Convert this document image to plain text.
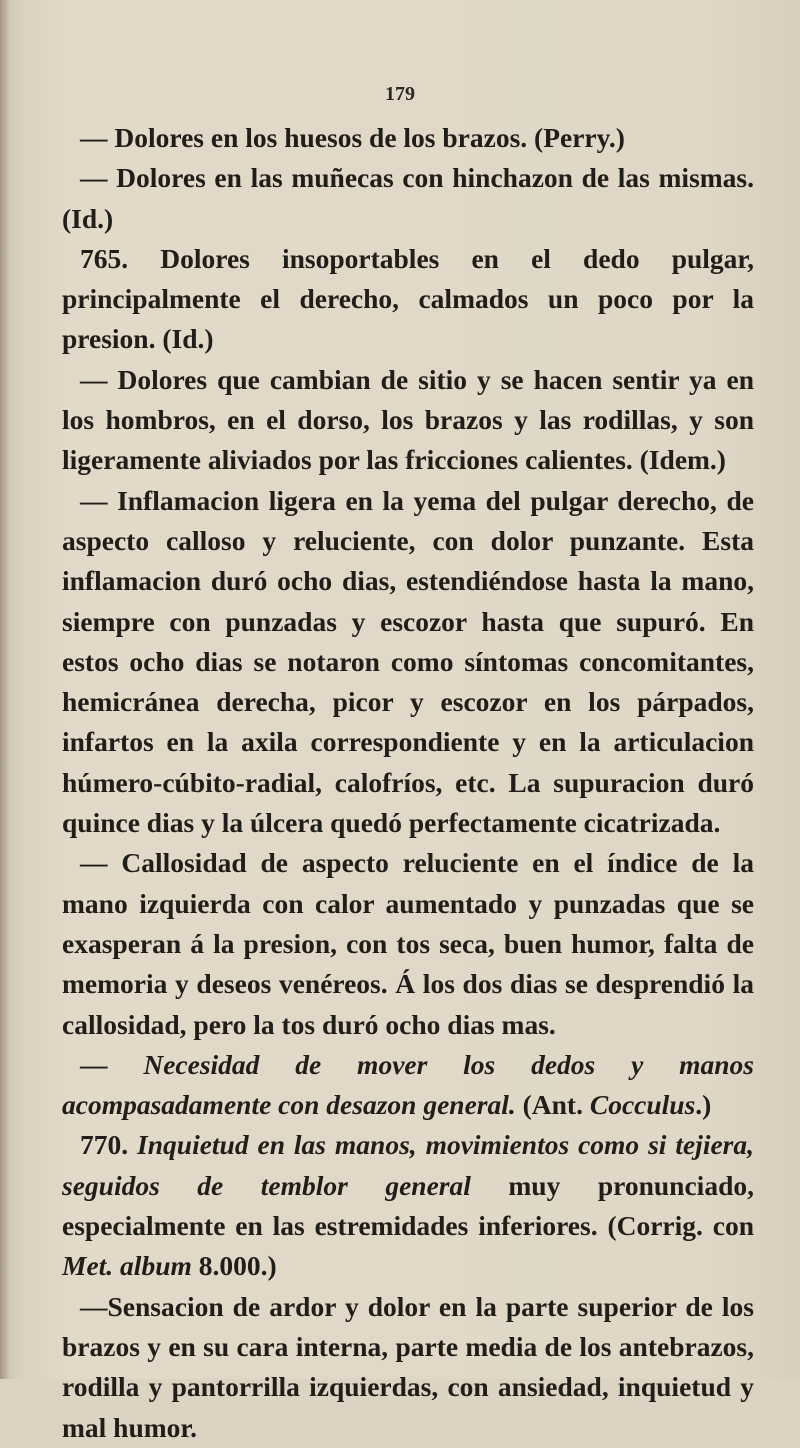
179

— Dolores en los huesos de los brazos. (Perry.)

— Dolores en las muñecas con hinchazon de las mismas. (Id.)

765. Dolores insoportables en el dedo pulgar, principalmente el derecho, calmados un poco por la presion. (Id.)

— Dolores que cambian de sitio y se hacen sentir ya en los hombros, en el dorso, los brazos y las rodillas, y son ligeramente aliviados por las fricciones calientes. (Idem.)

— Inflamacion ligera en la yema del pulgar derecho, de aspecto calloso y reluciente, con dolor punzante. Esta inflamacion duró ocho dias, estendiéndose hasta la mano, siempre con punzadas y escozor hasta que supuró. En estos ocho dias se notaron como síntomas concomitantes, hemicránea derecha, picor y escozor en los párpados, infartos en la axila correspondiente y en la articulacion húmero-cúbito-radial, calofríos, etc. La supuracion duró quince dias y la úlcera quedó perfectamente cicatrizada.

— Callosidad de aspecto reluciente en el índice de la mano izquierda con calor aumentado y punzadas que se exasperan á la presion, con tos seca, buen humor, falta de memoria y deseos venéreos. Á los dos dias se desprendió la callosidad, pero la tos duró ocho dias mas.

— Necesidad de mover los dedos y manos acompasadamente con desazon general. (Ant. Cocculus.)

770. Inquietud en las manos, movimientos como si tejiera, seguidos de temblor general muy pronunciado, especialmente en las estremidades inferiores. (Corrig. con Met. album 8.000.)

—Sensacion de ardor y dolor en la parte superior de los brazos y en su cara interna, parte media de los antebrazos, rodilla y pantorrilla izquierdas, con ansiedad, inquietud y mal humor.
